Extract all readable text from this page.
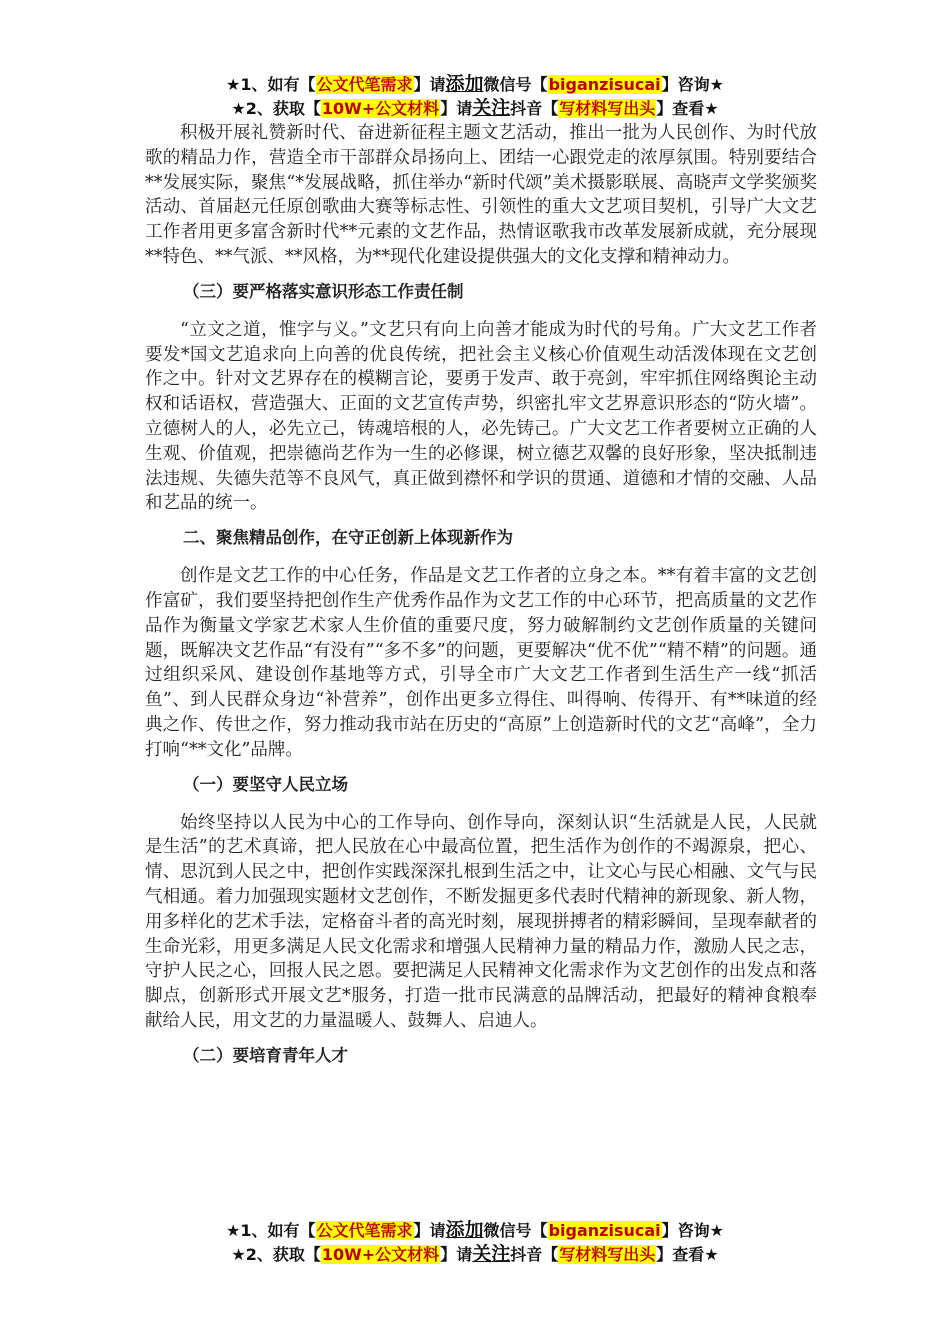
★1、如有【公文代笔需求】请添加微信号【biganzisucai】咨询★
★2、获取【10W+公文材料】请关注抖音【写材料写出头】查看★

积极开展礼赞新时代、奋进新征程主题文艺活动，推出一批为人民创作、为时代放歌的精品力作，营造全市干部群众昂扬向上、团结一心跟党走的浓厚氛围。特别要结合**发展实际，聚焦“*发展战略，抓住举办“新时代颂”美术摄影联展、高晓声文学奖颁奖活动、首届赵元任原创歌曲大赛等标志性、引领性的重大文艺项目契机，引导广大文艺工作者用更多富含新时代**元素的文艺作品，热情讴歌我市改革发展新成就，充分展现**特色、**气派、**风格，为**现代化建设提供强大的文化支撑和精神动力。

（三）要严格落实意识形态工作责任制

“立文之道，惟字与义。”文艺只有向上向善才能成为时代的号角。广大文艺工作者要发*国文艺追求向上向善的优良传统，把社会主义核心价值观生动活泼体现在文艺创作之中。针对文艺界存在的模糊言论，要勇于发声、敢于亮剑，牢牢抓住网络舆论主动权和话语权，营造强大、正面的文艺宣传声势，织密扎牢文艺界意识形态的“防火墙”。立德树人的人，必先立己，铸魂培根的人，必先铸己。广大文艺工作者要树立正确的人生观、价值观，把崇德尚艺作为一生的必修课，树立德艺双馨的良好形象，坚决抵制违法违规、失德失范等不良风气，真正做到襟怀和学识的贯通、道德和才情的交融、人品和艺品的统一。

二、聚焦精品创作，在守正创新上体现新作为

创作是文艺工作的中心任务，作品是文艺工作者的立身之本。**有着丰富的文艺创作富矿，我们要坚持把创作生产优秀作品作为文艺工作的中心环节，把高质量的文艺作品作为衡量文学家艺术家人生价值的重要尺度，努力破解制约文艺创作质量的关键问题，既解决文艺作品“有没有”“多不多”的问题，更要解决“优不优”“精不精”的问题。通过组织采风、建设创作基地等方式，引导全市广大文艺工作者到生活生产一线“抓活鱼”、到人民群众身边“补营养”，创作出更多立得住、叫得响、传得开、有**味道的经典之作、传世之作，努力推动我市站在历史的“高原”上创造新时代的文艺“高峰”，全力打响“**文化”品牌。

（一）要坚守人民立场

始终坚持以人民为中心的工作导向、创作导向，深刻认识“生活就是人民，人民就是生活”的艺术真谛，把人民放在心中最高位置，把生活作为创作的不竭源泉，把心、情、思沉到人民之中，把创作实践深深扎根到生活之中，让文心与民心相融、文气与民气相通。着力加强现实题材文艺创作，不断发掘更多代表时代精神的新现象、新人物，用多样化的艺术手法，定格奋斗者的高光时刻，展现拼搏者的精彩瞬间，呈现奉献者的生命光彩，用更多满足人民文化需求和增强人民精神力量的精品力作，激励人民之志，守护人民之心，回报人民之恩。要把满足人民精神文化需求作为文艺创作的出发点和落脚点，创新形式开展文艺*服务，打造一批市民满意的品牌活动，把最好的精神食粮奉献给人民，用文艺的力量温暖人、鼓舞人、启迪人。

（二）要培育青年人才
★1、如有【公文代笔需求】请添加微信号【biganzisucai】咨询★
★2、获取【10W+公文材料】请关注抖音【写材料写出头】查看★
